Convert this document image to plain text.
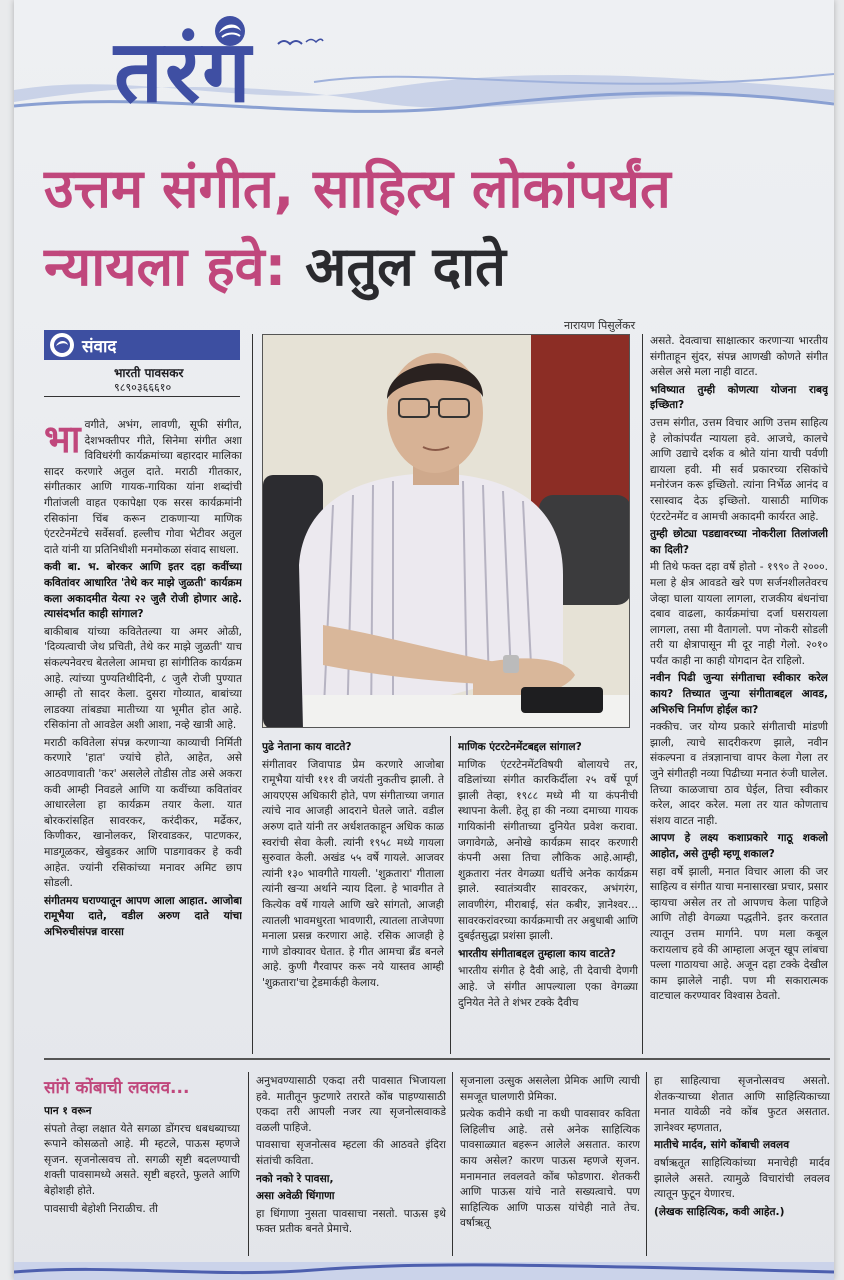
तरंग
उत्तम संगीत, साहित्य लोकांपर्यंत
न्यायला हवे: अतुल दाते
नारायण पिसुर्लेकर
संवाद
भारती पावसकर
९८९०३६६६१०

भावगीते, अभंग, लावणी, सूफी संगीत, देशभक्तीपर गीते, सिनेमा संगीत अशा विविधरंगी कार्यक्रमांच्या बहारदार मालिका सादर करणारे अतुल दाते. मराठी गीतकार, संगीतकार आणि गायक-गायिका यांना शब्दांची गीतांजली वाहत एकापेक्षा एक सरस कार्यक्रमांनी रसिकांना चिंब करून टाकणाऱ्या माणिक एंटरटेनमेंटचे सर्वेसर्वा. हल्लीच गोवा भेटीवर अतुल दाते यांनी या प्रतिनिधीशी मनमोकळा संवाद साधला.

कवी बा. भ. बोरकर आणि इतर दहा कवींच्या कवितांवर आधारित 'तेथे कर माझे जुळती' कार्यक्रम कला अकादमीत येत्या २२ जुलै रोजी होणार आहे. त्यासंदर्भात काही सांगाल?

बाकीबाब यांच्या कवितेतल्या या अमर ओळी, 'दिव्यत्वाची जेथ प्रचिती, तेथे कर माझे जुळती' याच संकल्पनेवरच बेतलेला आमचा हा सांगीतिक कार्यक्रम आहे. त्यांच्या पुण्यतिथीदिनी, ८ जुलै रोजी पुण्यात आम्ही तो सादर केला. दुसरा गोव्यात, बाबांच्या लाडक्या तांबड्या मातीच्या या भूमीत होत आहे. रसिकांना तो आवडेल अशी आशा, नव्हे खात्री आहे.

मराठी कवितेला संपन्न करणाऱ्या काव्याची निर्मिती करणारे 'हात' ज्यांचे होते, आहेत, असे आठवणावाती 'कर' असलेले तोडीस तोड असे अकरा कवी आम्ही निवडले आणि या कवींच्या कवितांवर आधारलेला हा कार्यक्रम तयार केला. यात बोरकरांसहित सावरकर, करंदीकर, मर्ढेकर, किणीकर, खानोलकर, शिरवाडकर, पाटणकर, माडगूळकर, खेबुडकर आणि पाडगावकर हे कवी आहेत. ज्यांनी रसिकांच्या मनावर अमिट छाप सोडली.

संगीतमय घराण्यातून आपण आला आहात. आजोबा रामूभैया दाते, वडील अरुण दाते यांचा अभिरुचीसंपन्न वारसा

पुढे नेताना काय वाटते?

संगीतावर जिवापाड प्रेम करणारे आजोबा रामूभैया यांची १११ वी जयंती नुकतीच झाली. ते आयएएस अधिकारी होते, पण संगीताच्या जगात त्यांचे नाव आजही आदराने घेतले जाते. वडील अरुण दाते यांनी तर अर्धशतकाहून अधिक काळ स्वरांची सेवा केली. त्यांनी १९५८ मध्ये गायला सुरुवात केली. अखंड ५५ वर्षे गायले. आजवर त्यांनी १३० भावगीते गायली. 'शुक्रतारा' गीताला त्यांनी खऱ्या अर्थाने न्याय दिला. हे भावगीत ते कित्येक वर्षे गायले आणि खरे सांगतो, आजही त्यातली भावमधुरता भावणारी, त्यातला ताजेपणा मनाला प्रसन्न करणारा आहे. रसिक आजही हे गाणे डोक्यावर घेतात. हे गीत आमचा ब्रँड बनले आहे. कुणी गैरवापर करू नये यास्तव आम्ही 'शुक्रतारा'चा ट्रेडमार्कही केलाय.

माणिक एंटरटेनमेंटबद्दल सांगाल?

माणिक एंटरटेनमेंटविषयी बोलायचे तर, वडिलांच्या संगीत कारकिर्दीला २५ वर्षे पूर्ण झाली तेव्हा, १९८८ मध्ये मी या कंपनीची स्थापना केली. हेतू हा की नव्या दमाच्या गायक गायिकांनी संगीताच्या दुनियेत प्रवेश करावा. जगावेगळे, अनोखे कार्यक्रम सादर करणारी कंपनी असा तिचा लौकिक आहे.आम्ही, शुक्रतारा नंतर वेगळ्या धर्तीचे अनेक कार्यक्रम झाले. स्वातंत्र्यवीर सावरकर, अभंगरंग, लावणीरंग, मीराबाई, संत कबीर, ज्ञानेश्वर... सावरकरांवरच्या कार्यक्रमाची तर अबुधाबी आणि दुबईतसुद्धा प्रशंसा झाली.

भारतीय संगीताबद्दल तुम्हाला काय वाटते?

भारतीय संगीत हे दैवी आहे, ती देवाची देणगी आहे. जे संगीत आपल्याला एका वेगळ्या दुनियेत नेते ते शंभर टक्के दैवीच

असते. देवत्वाचा साक्षात्कार करणाऱ्या भारतीय संगीताहून सुंदर, संपन्न आणखी कोणते संगीत असेल असे मला नाही वाटत.

भविष्यात तुम्ही कोणत्या योजना राबवू इच्छिता?

उत्तम संगीत, उत्तम विचार आणि उत्तम साहित्य हे लोकांपर्यंत न्यायला हवे. आजचे, कालचे आणि उद्याचे दर्शक व श्रोते यांना याची पर्वणी द्यायला हवी. मी सर्व प्रकारच्या रसिकांचे मनोरंजन करू इच्छितो. त्यांना निर्भेळ आनंद व रसास्वाद देऊ इच्छितो. यासाठी माणिक एंटरटेनमेंट व आमची अकादमी कार्यरत आहे.

तुम्ही छोट्या पडद्यावरच्या नोकरीला तिलांजली का दिली?

मी तिथे फक्त दहा वर्षे होतो - १९९० ते २०००. मला हे क्षेत्र आवडते खरे पण सर्जनशीलतेवरच जेव्हा घाला यायला लागला, राजकीय बंधनांचा दबाव वाढला, कार्यक्रमांचा दर्जा घसरायला लागला, तसा मी वैतागलो. पण नोकरी सोडली तरी या क्षेत्रापासून मी दूर नाही गेलो. २०१० पर्यंत काही ना काही योगदान देत राहिलो.

नवीन पिढी जुन्या संगीताचा स्वीकार करेल काय? तिच्यात जुन्या संगीताबद्दल आवड, अभिरुचि निर्माण होईल का?

नक्कीच. जर योग्य प्रकारे संगीताची मांडणी झाली, त्याचे सादरीकरण झाले, नवीन संकल्पना व तंत्रज्ञानाचा वापर केला गेला तर जुने संगीतही नव्या पिढीच्या मनात रुंजी घालेल. तिच्या काळजाचा ठाव घेईल, तिचा स्वीकार करेल, आदर करेल. मला तर यात कोणताच संशय वाटत नाही.

आपण हे लक्ष्य कशाप्रकारे गाठू शकलो आहोत, असे तुम्ही म्हणू शकाल?

सहा वर्षे झाली, मनात विचार आला की जर साहित्य व संगीत याचा मनासारखा प्रचार, प्रसार व्हायचा असेल तर तो आपणच केला पाहिजे आणि तोही वेगळ्या पद्धतीने. इतर करतात त्यातून उत्तम मार्गाने. पण मला कबूल करायलाच हवे की आम्हाला अजून खूप लांबचा पल्ला गाठायचा आहे. अजून दहा टक्के देखील काम झालेले नाही. पण मी सकारात्मक वाटचाल करण्यावर विश्वास ठेवतो.

सांगे कोंबाची लवलव...

पान १ वरून

संपतो तेव्हा लक्षात येते सगळा डोंगरच धबधब्याच्या रूपाने कोसळतो आहे. मी म्हटले, पाऊस म्हणजे सृजन. सृजनोत्सवच तो. सगळी सृष्टी बदलण्याची शक्ती पावसामध्ये असते. सृष्टी बहरते, फुलते आणि बेहोशही होते.

पावसाची बेहोशी निराळीच. ती

अनुभवण्यासाठी एकदा तरी पावसात भिजायला हवे. मातीतून फुटणारे तरारते कोंब पाहण्यासाठी एकदा तरी आपली नजर त्या सृजनोत्सवाकडे वळली पाहिजे.

पावसाचा सृजनोत्सव म्हटला की आठवते इंदिरा संतांची कविता.

नको नको रे पावसा,

असा अवेळी धिंगाणा

हा धिंगाणा नुसता पावसाचा नसतो. पाऊस इथे फक्त प्रतीक बनते प्रेमाचे.

सृजनाला उत्सुक असलेला प्रेमिक आणि त्याची समजूत घालणारी प्रेमिका.

प्रत्येक कवीने कधी ना कधी पावसावर कविता लिहिलीच आहे. तसे अनेक साहित्यिक पावसाळ्यात बहरून आलेले असतात. कारण काय असेल? कारण पाऊस म्हणजे सृजन. मनामनात लवलवते कोंब फोडणारा. शेतकरी आणि पाऊस यांचे नाते सख्यत्वाचे. पण साहित्यिक आणि पाऊस यांचेही नाते तेच. वर्षाऋतू

हा साहित्याचा सृजनोत्सवच असतो. शेतकऱ्याच्या शेतात आणि साहित्यिकाच्या मनात यावेळी नवे कोंब फुटत असतात. ज्ञानेश्वर म्हणतात,

मातीचे मार्दव, सांगे कोंबाची लवलव

वर्षाऋतूत साहित्यिकांच्या मनाचेही मार्दव झालेले असते. त्यामुळे विचारांची लवलव त्यातून फुटून येणारच.

(लेखक साहित्यिक, कवी आहेत.)
